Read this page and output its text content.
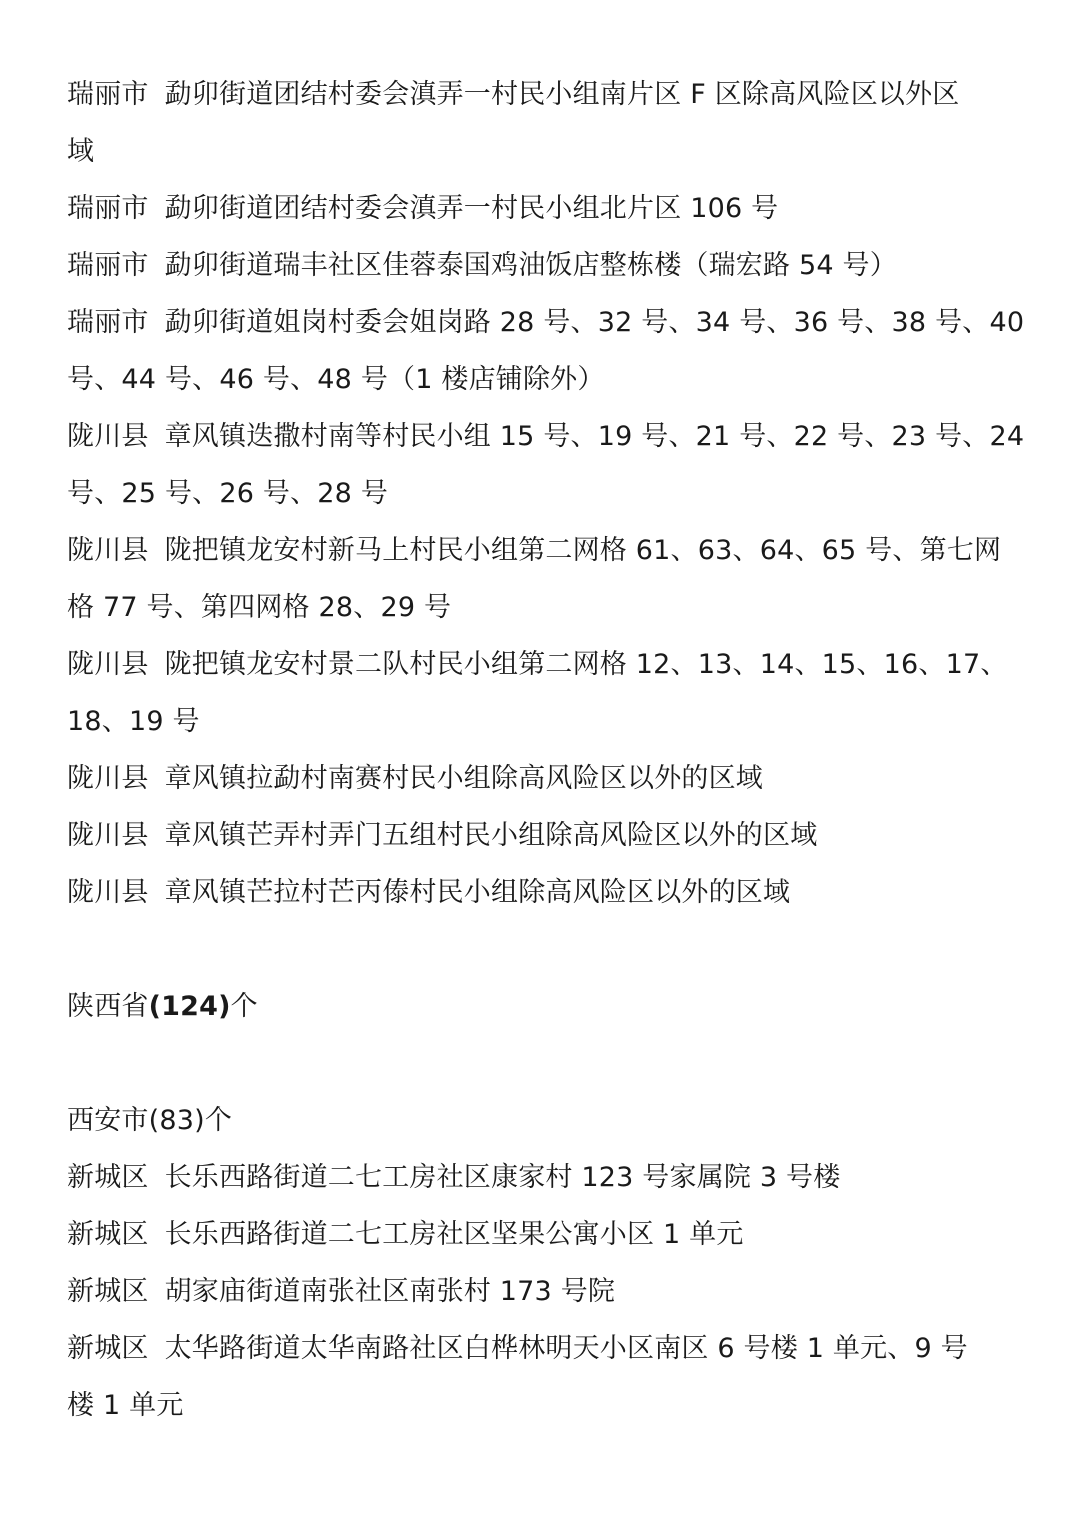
瑞丽市 勐卯街道团结村委会滇弄一村民小组南片区 F 区除高风险区以外区
域
瑞丽市 勐卯街道团结村委会滇弄一村民小组北片区 106 号
瑞丽市 勐卯街道瑞丰社区佳蓉泰国鸡油饭店整栋楼（瑞宏路 54 号）
瑞丽市 勐卯街道姐岗村委会姐岗路 28 号、32 号、34 号、36 号、38 号、40
号、44 号、46 号、48 号（1 楼店铺除外）
陇川县 章风镇迭撒村南等村民小组 15 号、19 号、21 号、22 号、23 号、24
号、25 号、26 号、28 号
陇川县 陇把镇龙安村新马上村民小组第二网格 61、63、64、65 号、第七网
格 77 号、第四网格 28、29 号
陇川县 陇把镇龙安村景二队村民小组第二网格 12、13、14、15、16、17、
18、19 号
陇川县 章风镇拉勐村南赛村民小组除高风险区以外的区域
陇川县 章风镇芒弄村弄门五组村民小组除高风险区以外的区域
陇川县 章风镇芒拉村芒丙傣村民小组除高风险区以外的区域
陕西省(124)个
西安市(83)个
新城区 长乐西路街道二七工房社区康家村 123 号家属院 3 号楼
新城区 长乐西路街道二七工房社区坚果公寓小区 1 单元
新城区 胡家庙街道南张社区南张村 173 号院
新城区 太华路街道太华南路社区白桦林明天小区南区 6 号楼 1 单元、9 号
楼 1 单元
